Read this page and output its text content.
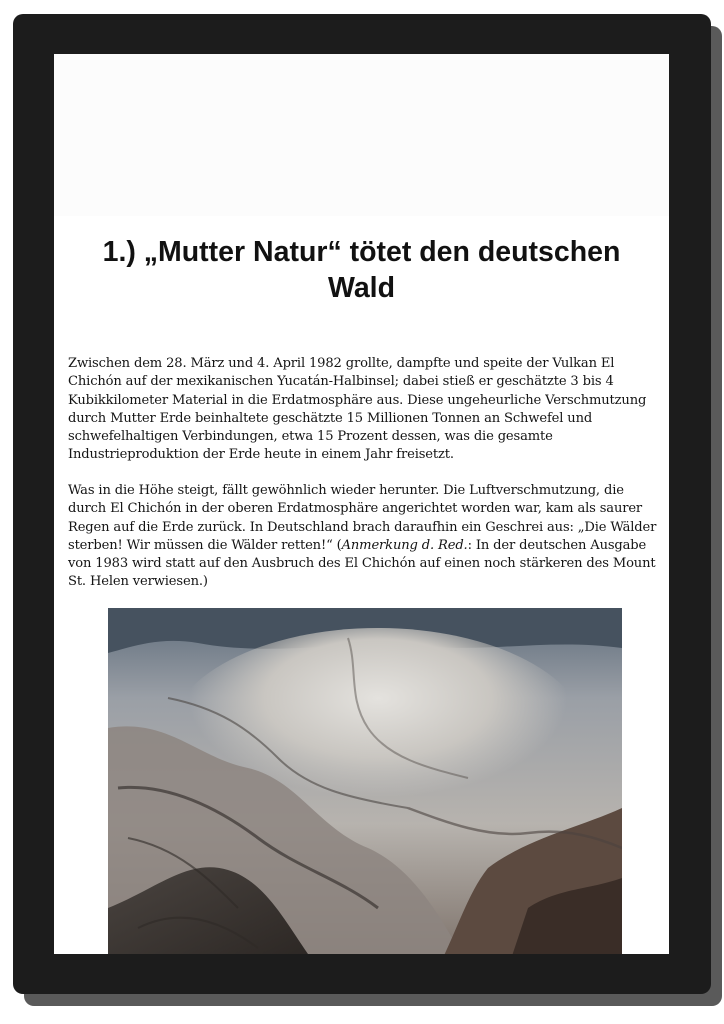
1.) „Mutter Natur“ tötet den deutschen Wald

Zwischen dem 28. März und 4. April 1982 grollte, dampfte und speite der Vulkan El Chichón auf der mexikanischen Yucatán-Halbinsel; dabei stieß er geschätzte 3 bis 4 Kubikkilometer Material in die Erdatmosphäre aus. Diese ungeheurliche Verschmutzung durch Mutter Erde beinhaltete geschätzte 15 Millionen Tonnen an Schwefel und schwefelhaltigen Verbindungen, etwa 15 Prozent dessen, was die gesamte Industrieproduktion der Erde heute in einem Jahr freisetzt.

Was in die Höhe steigt, fällt gewöhnlich wieder herunter. Die Luftverschmutzung, die durch El Chichón in der oberen Erdatmosphäre angerichtet worden war, kam als saurer Regen auf die Erde zurück. In Deutschland brach daraufhin ein Geschrei aus: „Die Wälder sterben! Wir müssen die Wälder retten!“ (Anmerkung d. Red.: In der deutschen Ausgabe von 1983 wird statt auf den Ausbruch des El Chichón auf einen noch stärkeren des Mount St. Helen verwiesen.)
